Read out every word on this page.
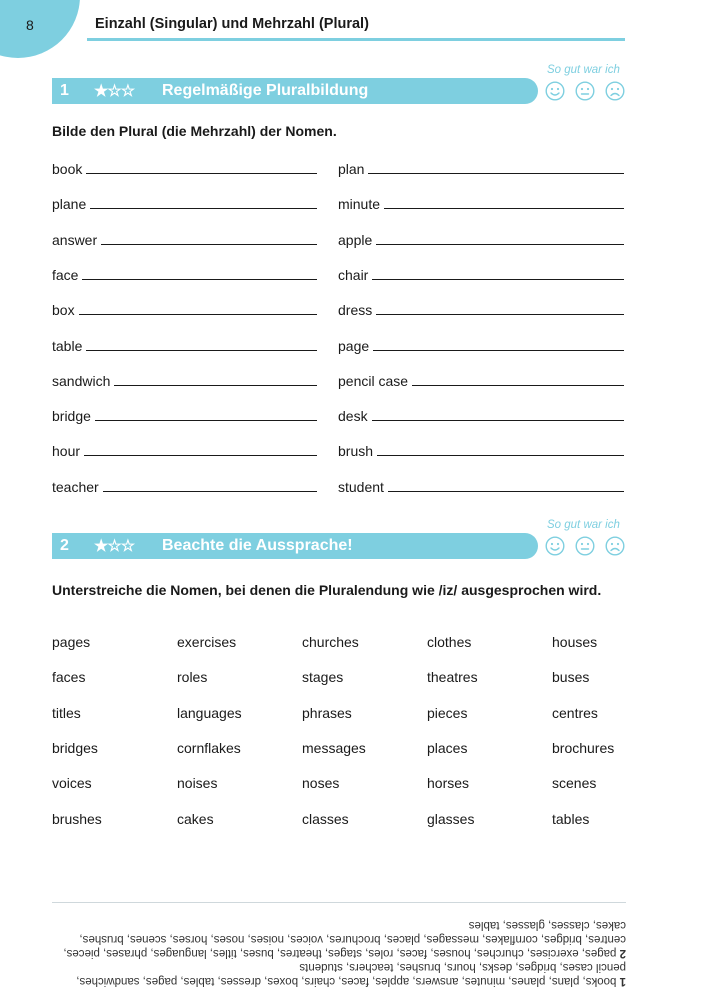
8	Einzahl (Singular) und Mehrzahl (Plural)
So gut war ich
1 ★☆☆ Regelmäßige Pluralbildung
Bilde den Plural (die Mehrzahl) der Nomen.
book
plane
answer
face
box
table
sandwich
bridge
hour
teacher
plan
minute
apple
chair
dress
page
pencil case
desk
brush
student
So gut war ich
2 ★☆☆ Beachte die Aussprache!
Unterstreiche die Nomen, bei denen die Pluralendung wie /iz/ ausgesprochen wird.
pages	exercises	churches	clothes	houses
faces	roles	stages	theatres	buses
titles	languages	phrases	pieces	centres
bridges	cornflakes	messages	places	brochures
voices	noises	noses	horses	scenes
brushes	cakes	classes	glasses	tables

1 books, plans, planes, minutes, answers, apples, faces, chairs, boxes, dresses, tables, pages, sandwiches, pencil cases, bridges, desks, hours, brushes, teachers, students

2 pages, exercises, churches, houses, faces, roles, stages, theatres, buses, titles, languages, phrases, pieces, centres, bridges, cornflakes, messages, places, brochures, voices, noises, noses, horses, scenes, brushes, cakes, classes, glasses, tables
